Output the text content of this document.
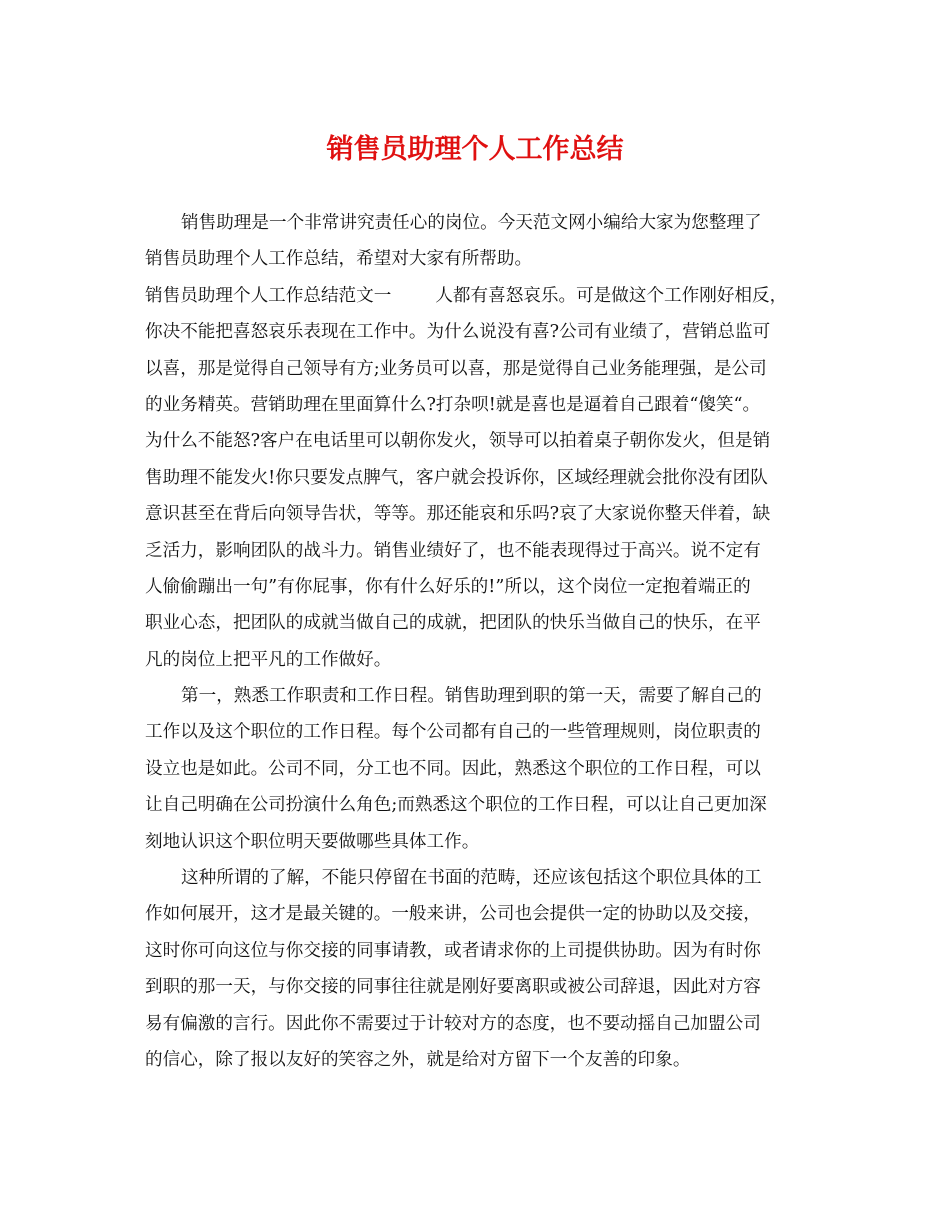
销售员助理个人工作总结
销售助理是一个非常讲究责任心的岗位。今天范文网小编给大家为您整理了
销售员助理个人工作总结，希望对大家有所帮助。
销售员助理个人工作总结范文一	人都有喜怒哀乐。可是做这个工作刚好相反，
你决不能把喜怒哀乐表现在工作中。为什么说没有喜?公司有业绩了，营销总监可
以喜，那是觉得自己领导有方;业务员可以喜，那是觉得自己业务能理强，是公司
的业务精英。营销助理在里面算什么?打杂呗!就是喜也是逼着自己跟着“傻笑“。
为什么不能怒?客户在电话里可以朝你发火，领导可以拍着桌子朝你发火，但是销
售助理不能发火!你只要发点脾气，客户就会投诉你，区域经理就会批你没有团队
意识甚至在背后向领导告状，等等。那还能哀和乐吗?哀了大家说你整天伴着，缺
乏活力，影响团队的战斗力。销售业绩好了，也不能表现得过于高兴。说不定有
人偷偷蹦出一句”有你屁事，你有什么好乐的!”所以，这个岗位一定抱着端正的
职业心态，把团队的成就当做自己的成就，把团队的快乐当做自己的快乐，在平
凡的岗位上把平凡的工作做好。
第一，熟悉工作职责和工作日程。销售助理到职的第一天，需要了解自己的
工作以及这个职位的工作日程。每个公司都有自己的一些管理规则，岗位职责的
设立也是如此。公司不同，分工也不同。因此，熟悉这个职位的工作日程，可以
让自己明确在公司扮演什么角色;而熟悉这个职位的工作日程，可以让自己更加深
刻地认识这个职位明天要做哪些具体工作。
这种所谓的了解，不能只停留在书面的范畴，还应该包括这个职位具体的工
作如何展开，这才是最关键的。一般来讲，公司也会提供一定的协助以及交接，
这时你可向这位与你交接的同事请教，或者请求你的上司提供协助。因为有时你
到职的那一天，与你交接的同事往往就是刚好要离职或被公司辞退，因此对方容
易有偏激的言行。因此你不需要过于计较对方的态度，也不要动摇自己加盟公司
的信心，除了报以友好的笑容之外，就是给对方留下一个友善的印象。
